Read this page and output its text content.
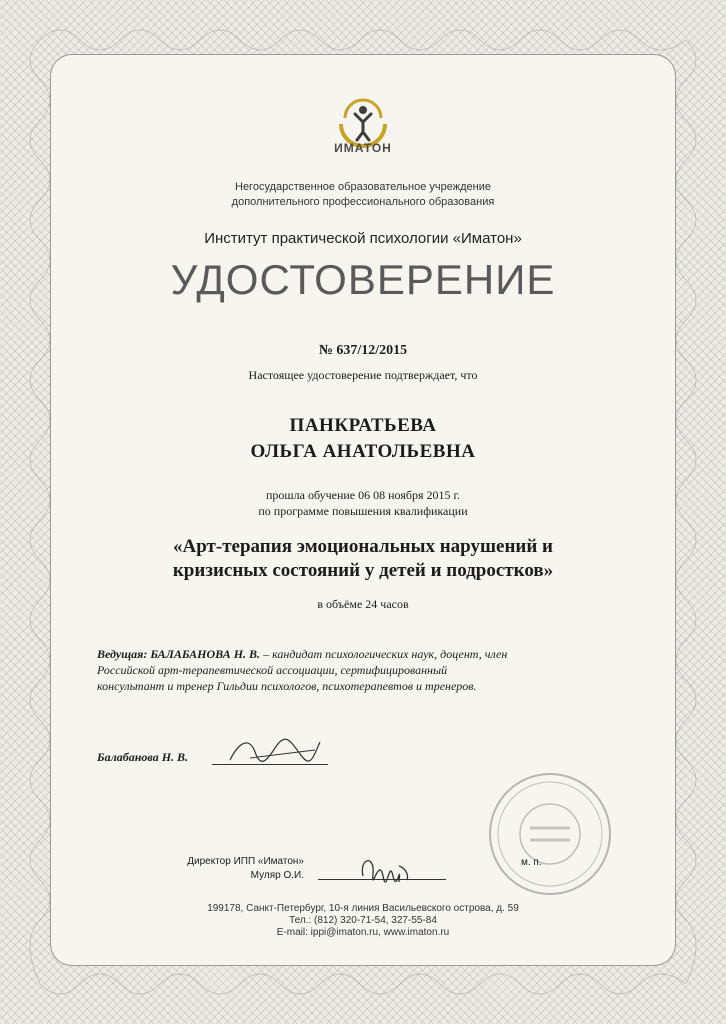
ИМАТОН
Негосударственное образовательное учреждение
дополнительного профессионального образования
Институт практической психологии «Иматон»
УДОСТОВЕРЕНИЕ
№ 637/12/2015
Настоящее удостоверение подтверждает, что
ПАНКРАТЬЕВА
ОЛЬГА АНАТОЛЬЕВНА
прошла обучение 06 08 ноября 2015 г.
по программе повышения квалификации
«Арт-терапия эмоциональных нарушений и
кризисных состояний у детей и подростков»
в объёме 24 часов
Ведущая: БАЛАБАНОВА Н. В. – кандидат психологических наук, доцент, член
Российской арт-терапевтической ассоциации, сертифицированный
консультант и тренер Гильдии психологов, психотерапевтов и тренеров.
Балабанова Н. В.
Директор ИПП «Иматон»
Муляр О.И.
м. п.
199178, Санкт-Петербург, 10-я линия Васильевского острова, д. 59
Тел.: (812) 320-71-54, 327-55-84
E-mail: ippi@imaton.ru, www.imaton.ru
